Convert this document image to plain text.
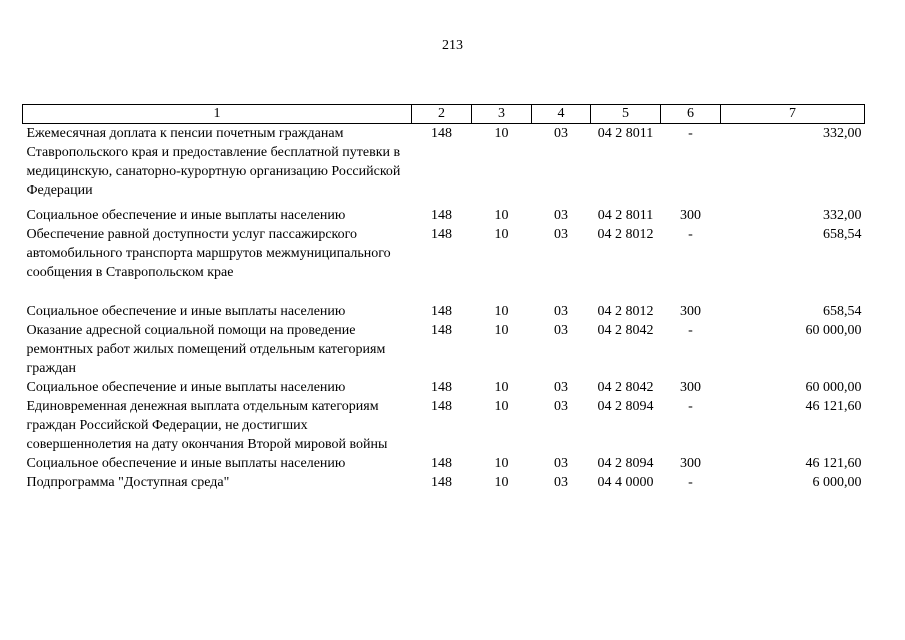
213
1	2	3	4	5	6	7
Ежемесячная доплата к пенсии почетным гражданам Ставропольского края и предоставление бесплатной путевки в медицинскую, санаторно-курортную организацию Российской Федерации	148	10	03	04 2 8011	-	332,00

Социальное обеспечение и иные выплаты населению	148	10	03	04 2 8011	300	332,00
Обеспечение равной доступности услуг пассажирского автомобильного транспорта маршрутов межмуниципального сообщения в Ставропольском крае	148	10	03	04 2 8012	-	658,54

Социальное обеспечение и иные выплаты населению	148	10	03	04 2 8012	300	658,54
Оказание адресной социальной помощи на проведение ремонтных работ жилых помещений отдельным категориям граждан	148	10	03	04 2 8042	-	60 000,00
Социальное обеспечение и иные выплаты населению	148	10	03	04 2 8042	300	60 000,00
Единовременная денежная выплата отдельным категориям граждан Российской Федерации, не достигших совершеннолетия на дату окончания Второй мировой войны	148	10	03	04 2 8094	-	46 121,60
Социальное обеспечение и иные выплаты населению	148	10	03	04 2 8094	300	46 121,60
Подпрограмма "Доступная среда"	148	10	03	04 4 0000	-	6 000,00
